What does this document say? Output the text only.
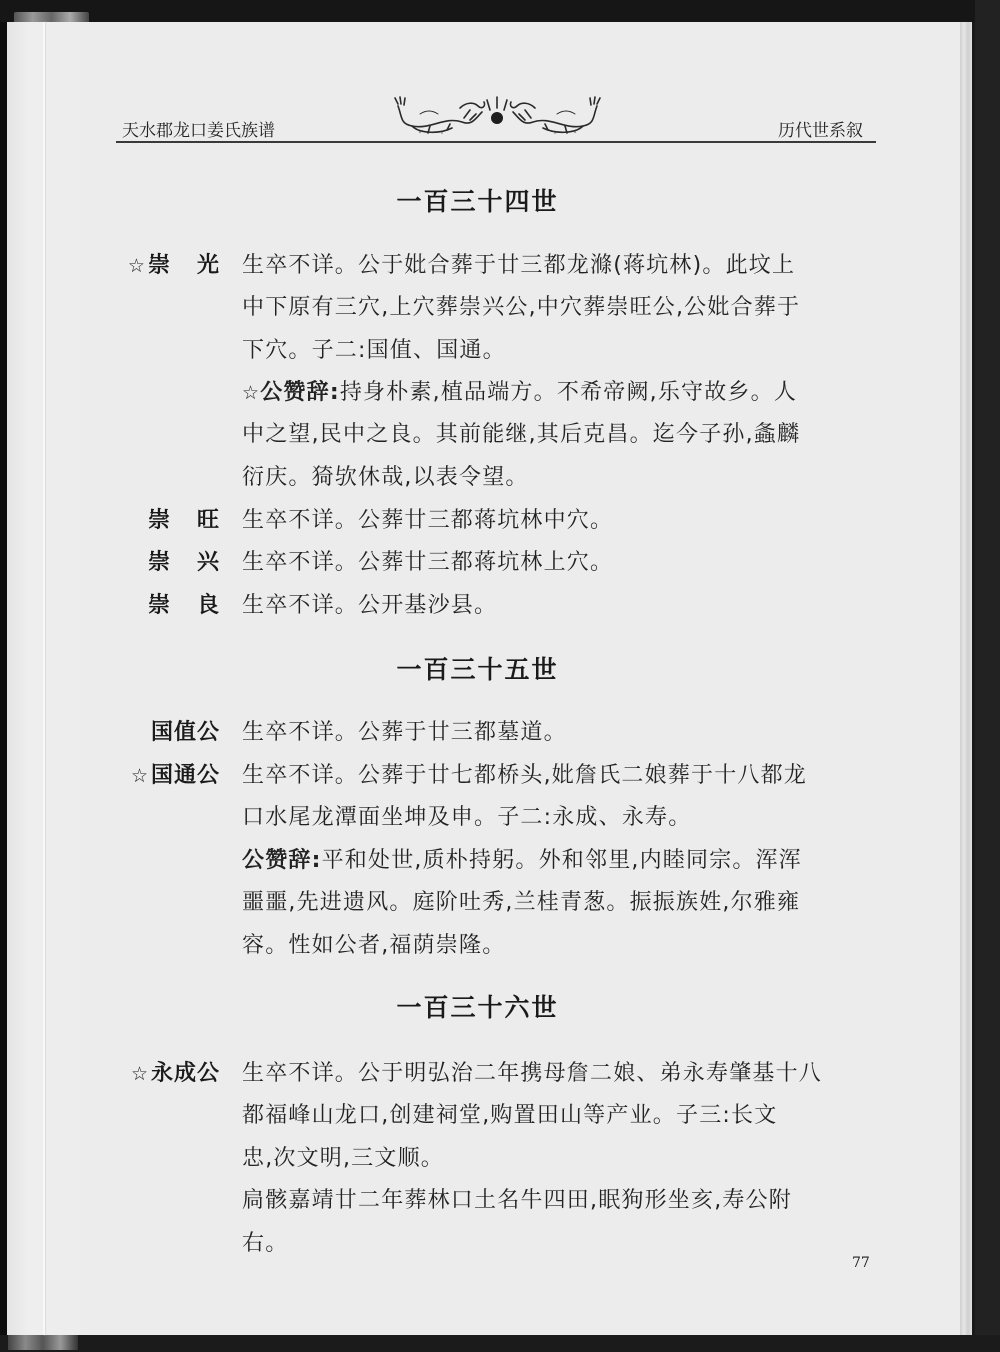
天水郡龙口姜氏族谱	历代世系叙
一百三十四世
☆崇 光 生卒不详。公于妣合葬于廿三都龙滌(蒋坑林)。此坟上
中下原有三穴,上穴葬崇兴公,中穴葬崇旺公,公妣合葬于
下穴。子二:国值、国通。
☆公赞辞:持身朴素,植品端方。不希帝阙,乐守故乡。人
中之望,民中之良。其前能继,其后克昌。迄今子孙,螽麟
衍庆。猗欤休哉,以表令望。
崇 旺 生卒不详。公葬廿三都蒋坑林中穴。
崇 兴 生卒不详。公葬廿三都蒋坑林上穴。
崇 良 生卒不详。公开基沙县。
一百三十五世
国值公 生卒不详。公葬于廿三都墓道。
☆国通公 生卒不详。公葬于廿七都桥头,妣詹氏二娘葬于十八都龙
口水尾龙潭面坐坤及申。子二:永成、永寿。
公赞辞:平和处世,质朴持躬。外和邻里,内睦同宗。浑浑
噩噩,先进遗风。庭阶吐秀,兰桂青葱。振振族姓,尔雅雍
容。性如公者,福荫崇隆。
一百三十六世
☆永成公 生卒不详。公于明弘治二年携母詹二娘、弟永寿肇基十八
都福峰山龙口,创建祠堂,购置田山等产业。子三:长文
忠,次文明,三文顺。
扃骸嘉靖廿二年葬林口土名牛四田,眠狗形坐亥,寿公附
右。
77
